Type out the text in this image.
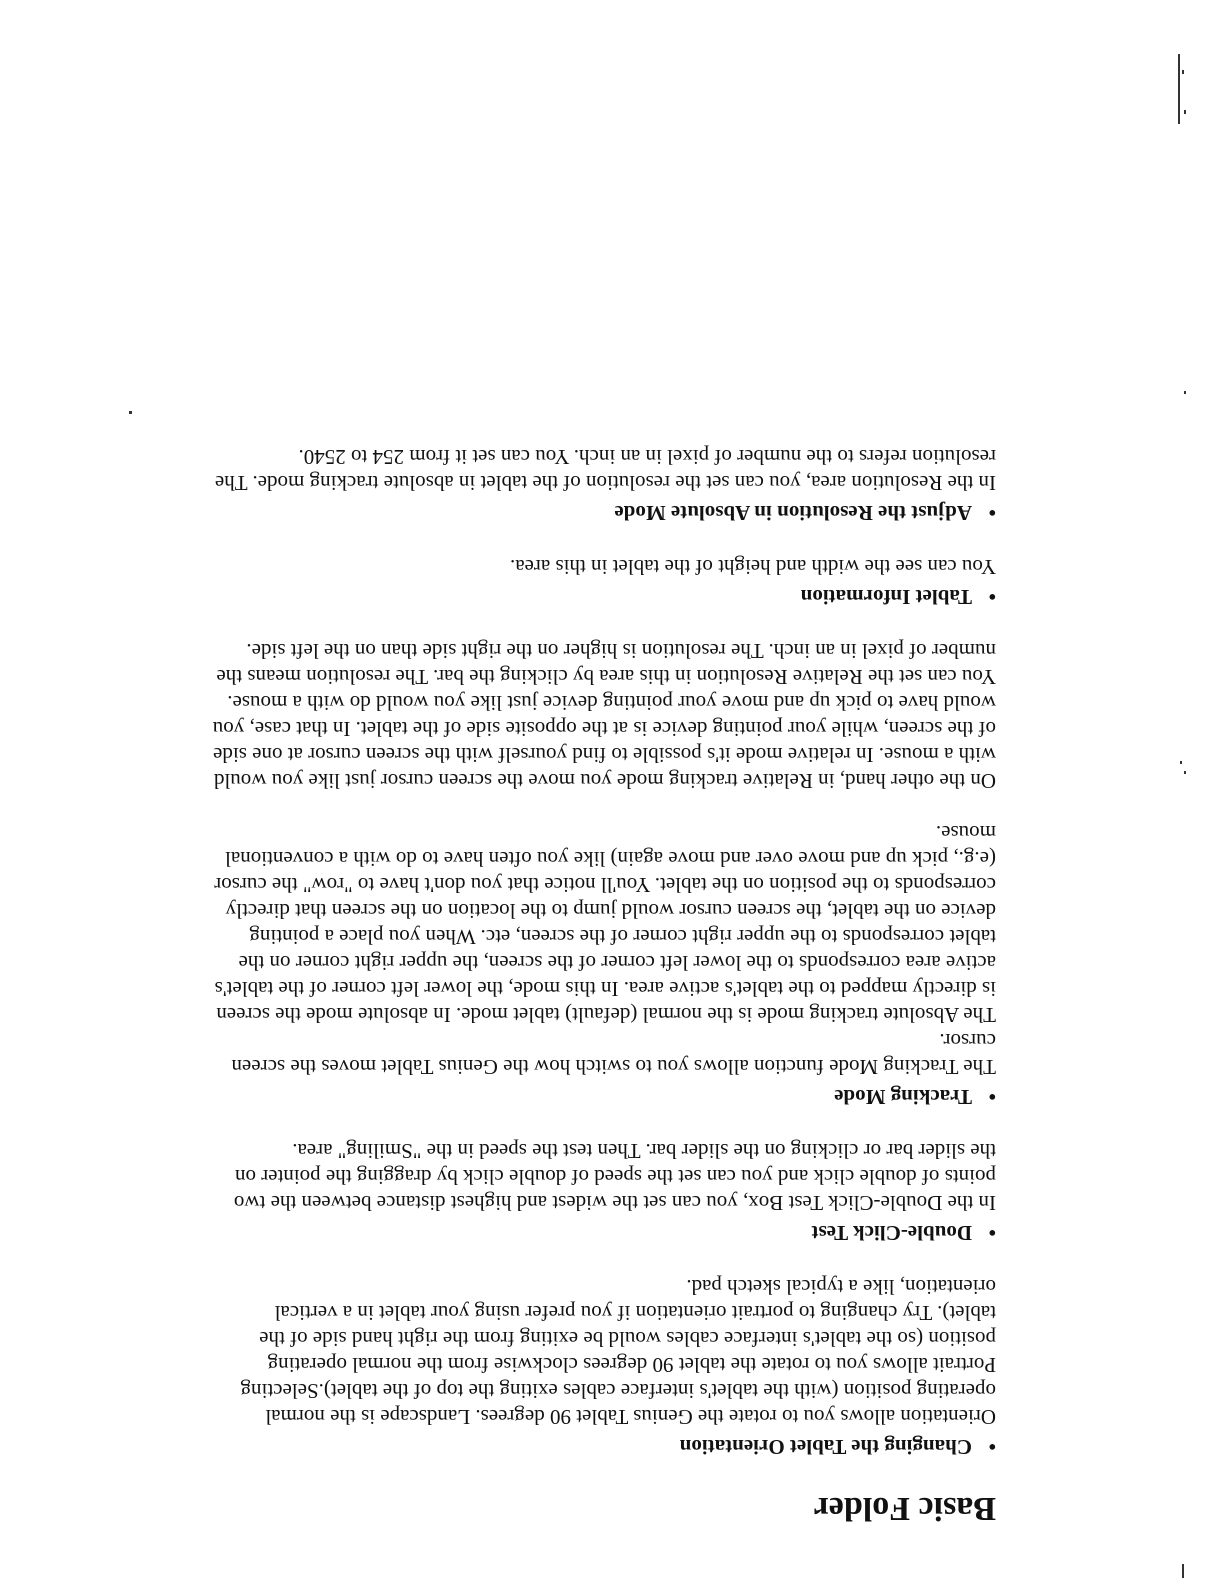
Basic Folder
•Changing the Tablet Orientation
Orientation allows you to rotate the Genius Tablet 90 degrees. Landscape is the normal operating position (with the tablet's interface cables exiting the top of the tablet).Selecting Portrait allows you to rotate the tablet 90 degrees clockwise from the normal operating position (so the tablet's interface cables would be exiting from the right hand side of the tablet). Try changing to portrait orientation if you prefer using your tablet in a vertical orientation, like a typical sketch pad.
•Double-Click Test
In the Double-Click Test Box, you can set the widest and highest distance between the two points of double click and you can set the speed of double click by dragging the pointer on the slider bar or clicking on the slider bar. Then test the speed in the "Smiling" area.
•Tracking Mode
The Tracking Mode function allows you to switch how the Genius Tablet moves the screen cursor.
The Absolute tracking mode is the normal (default) tablet mode. In absolute mode the screen is directly mapped to the tablet's active area. In this mode, the lower left corner of the tablet's active area corresponds to the lower left corner of the screen, the upper right corner on the tablet corresponds to the upper right corner of the screen, etc. When you place a pointing device on the tablet, the screen cursor would jump to the location on the screen that directly corresponds to the position on the tablet. You'll notice that you don't have to "row" the cursor (e.g., pick up and move over and move again) like you often have to do with a conventional mouse.
On the other hand, in Relative tracking mode you move the screen cursor just like you would with a mouse. In relative mode it's possible to find yourself with the screen cursor at one side of the screen, while your pointing device is at the opposite side of the tablet. In that case, you would have to pick up and move your pointing device just like you would do with a mouse. You can set the Relative Resolution in this area by clicking the bar. The resolution means the number of pixel in an inch. The resolution is higher on the right side than on the left side.
•Tablet Information
You can see the width and height of the tablet in this area.
•Adjust the Resolution in Absolute Mode
In the Resolution area, you can set the resolution of the tablet in absolute tracking mode. The resolution refers to the number of pixel in an inch. You can set it from 254 to 2540.
